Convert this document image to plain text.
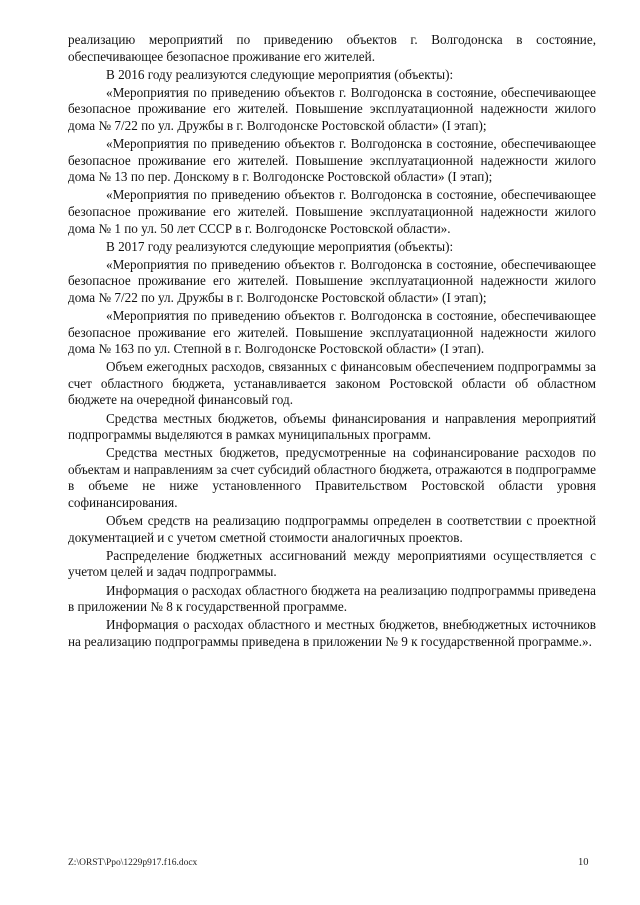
реализацию мероприятий по приведению объектов г. Волгодонска в состояние, обеспечивающее безопасное проживание его жителей.

В 2016 году реализуются следующие мероприятия (объекты):

«Мероприятия по приведению объектов г. Волгодонска в состояние, обеспечивающее безопасное проживание его жителей. Повышение эксплуатационной надежности жилого дома № 7/22 по ул. Дружбы в г. Волгодонске Ростовской области» (I этап);

«Мероприятия по приведению объектов г. Волгодонска в состояние, обеспечивающее безопасное проживание его жителей. Повышение эксплуатационной надежности жилого дома № 13 по пер. Донскому в г. Волгодонске Ростовской области» (I этап);

«Мероприятия по приведению объектов г. Волгодонска в состояние, обеспечивающее безопасное проживание его жителей. Повышение эксплуатационной надежности жилого дома № 1 по ул. 50 лет СССР в г. Волгодонске Ростовской области».

В 2017 году реализуются следующие мероприятия (объекты):

«Мероприятия по приведению объектов г. Волгодонска в состояние, обеспечивающее безопасное проживание его жителей. Повышение эксплуатационной надежности жилого дома № 7/22 по ул. Дружбы в г. Волгодонске Ростовской области» (I этап);

«Мероприятия по приведению объектов г. Волгодонска в состояние, обеспечивающее безопасное проживание его жителей. Повышение эксплуатационной надежности жилого дома № 163 по ул. Степной в г. Волгодонске Ростовской области» (I этап).

Объем ежегодных расходов, связанных с финансовым обеспечением подпрограммы за счет областного бюджета, устанавливается законом Ростовской области об областном бюджете на очередной финансовый год.

Средства местных бюджетов, объемы финансирования и направления мероприятий подпрограммы выделяются в рамках муниципальных программ.

Средства местных бюджетов, предусмотренные на софинансирование расходов по объектам и направлениям за счет субсидий областного бюджета, отражаются в подпрограмме в объеме не ниже установленного Правительством Ростовской области уровня софинансирования.

Объем средств на реализацию подпрограммы определен в соответствии с проектной документацией и с учетом сметной стоимости аналогичных проектов.

Распределение бюджетных ассигнований между мероприятиями осуществляется с учетом целей и задач подпрограммы.

Информация о расходах областного бюджета на реализацию подпрограммы приведена в приложении № 8 к государственной программе.

Информация о расходах областного и местных бюджетов, внебюджетных источников на реализацию подпрограммы приведена в приложении № 9 к государственной программе.».

Z:\ORST\Ppo\1229p917.f16.docx	10
